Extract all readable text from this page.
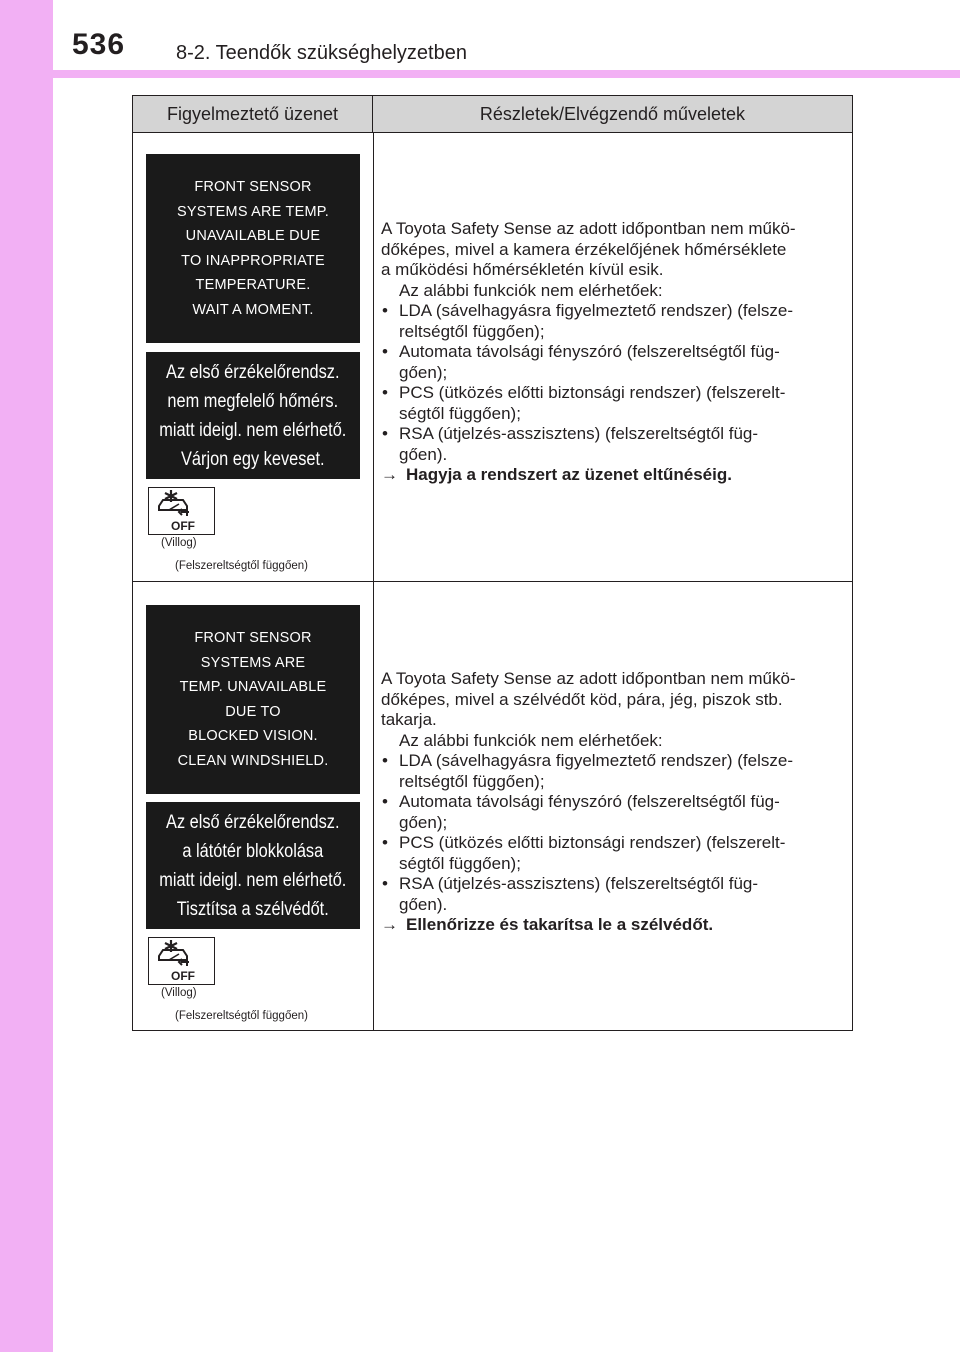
536	8-2. Teendők szükséghelyzetben
Figyelmeztető üzenet	Részletek/Elvégzendő műveletek
FRONT SENSOR
SYSTEMS ARE TEMP.
UNAVAILABLE DUE
TO INAPPROPRIATE
TEMPERATURE.
WAIT A MOMENT.
Az első érzékelőrendsz.
nem megfelelő hőmérs.
miatt ideigl. nem elérhető.
Várjon egy keveset.
OFF
(Villog)
(Felszereltségtől függően)

A Toyota Safety Sense az adott időpontban nem műkö-

dőképes, mivel a kamera érzékelőjének hőmérséklete

a működési hőmérsékletén kívül esik.

Az alábbi funkciók nem elérhetőek:

• LDA (sávelhagyásra figyelmeztető rendszer) (felsze-
reltségtől függően);
• Automata távolsági fényszóró (felszereltségtől füg-
gően);
• PCS (ütközés előtti biztonsági rendszer) (felszerelt-
ségtől függően);
• RSA (útjelzés-asszisztens) (felszereltségtől füg-
gően).
→ Hagyja a rendszert az üzenet eltűnéséig.
FRONT SENSOR
SYSTEMS ARE
TEMP. UNAVAILABLE
DUE TO
BLOCKED VISION.
CLEAN WINDSHIELD.
Az első érzékelőrendsz.
a látótér blokkolása
miatt ideigl. nem elérhető.
Tisztítsa a szélvédőt.
OFF
(Villog)
(Felszereltségtől függően)

A Toyota Safety Sense az adott időpontban nem műkö-

dőképes, mivel a szélvédőt köd, pára, jég, piszok stb.

takarja.

Az alábbi funkciók nem elérhetőek:

• LDA (sávelhagyásra figyelmeztető rendszer) (felsze-
reltségtől függően);
• Automata távolsági fényszóró (felszereltségtől füg-
gően);
• PCS (ütközés előtti biztonsági rendszer) (felszerelt-
ségtől függően);
• RSA (útjelzés-asszisztens) (felszereltségtől füg-
gően).
→ Ellenőrizze és takarítsa le a szélvédőt.
